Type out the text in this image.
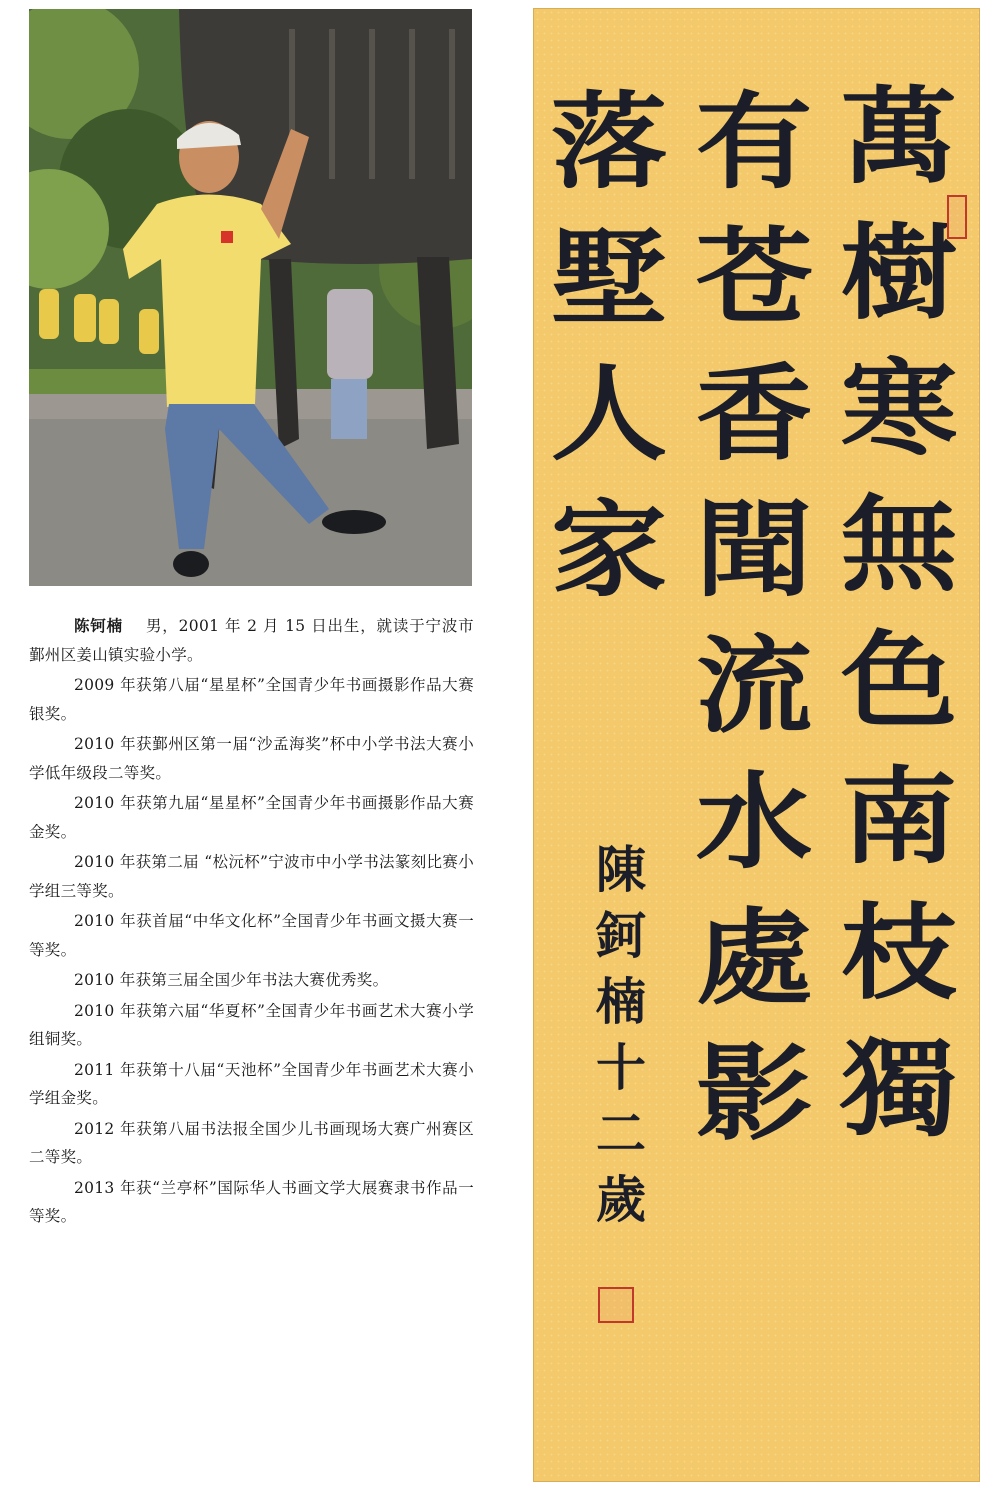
陈钶楠 男，2001 年 2 月 15 日出生，就读于宁波市鄞州区姜山镇实验小学。

2009 年获第八届“星星杯”全国青少年书画摄影作品大赛银奖。

2010 年获鄞州区第一届“沙孟海奖”杯中小学书法大赛小学低年级段二等奖。

2010 年获第九届“星星杯”全国青少年书画摄影作品大赛金奖。

2010 年获第二届 “松沅杯”宁波市中小学书法篆刻比赛小学组三等奖。

2010 年获首届“中华文化杯”全国青少年书画文摄大赛一等奖。

2010 年获第三届全国少年书法大赛优秀奖。

2010 年获第六届“华夏杯”全国青少年书画艺术大赛小学组铜奖。

2011 年获第十八届“天池杯”全国青少年书画艺术大赛小学组金奖。

2012 年获第八届书法报全国少儿书画现场大赛广州赛区二等奖。

2013 年获“兰亭杯”国际华人书画文学大展赛隶书作品一等奖。

萬
樹
寒
無
色
南
枝
獨
有
苍
香
聞
流
水
處
影
落
墅
人
家
陳
鈳
楠
十
二
歲
